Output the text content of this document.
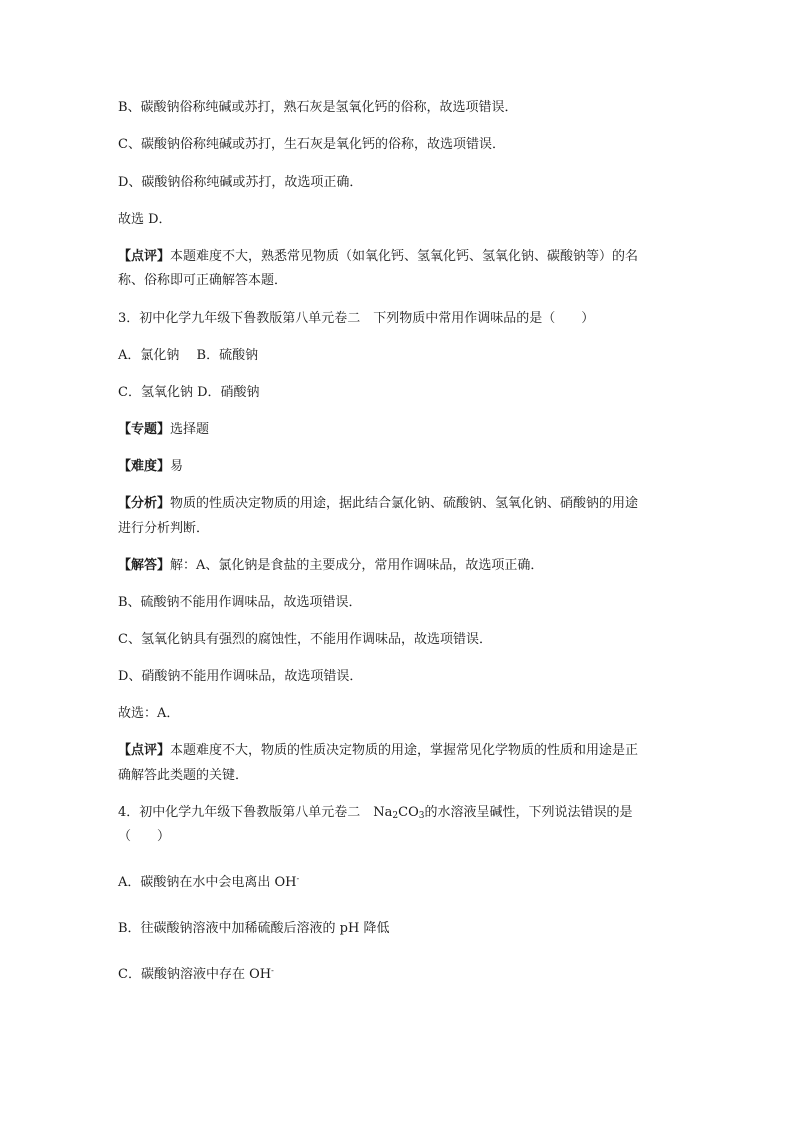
B、碳酸钠俗称纯碱或苏打，熟石灰是氢氧化钙的俗称，故选项错误．
C、碳酸钠俗称纯碱或苏打，生石灰是氧化钙的俗称，故选项错误．
D、碳酸钠俗称纯碱或苏打，故选项正确．
故选 D．
【点评】本题难度不大，熟悉常见物质（如氧化钙、氢氧化钙、氢氧化钠、碳酸钠等）的名
称、俗称即可正确解答本题．
3．初中化学九年级下鲁教版第八单元卷二　下列物质中常用作调味品的是（　　）
A．氯化钠　 B．硫酸钠
C．氢氧化钠 D．硝酸钠
【专题】选择题
【难度】易
【分析】物质的性质决定物质的用途，据此结合氯化钠、硫酸钠、氢氧化钠、硝酸钠的用途
进行分析判断．
【解答】解：A、氯化钠是食盐的主要成分，常用作调味品，故选项正确．
B、硫酸钠不能用作调味品，故选项错误．
C、氢氧化钠具有强烈的腐蚀性，不能用作调味品，故选项错误．
D、硝酸钠不能用作调味品，故选项错误．
故选：A．
【点评】本题难度不大，物质的性质决定物质的用途，掌握常见化学物质的性质和用途是正
确解答此类题的关键．
4．初中化学九年级下鲁教版第八单元卷二　$Na_2CO_3$的水溶液呈碱性，下列说法错误的是
（　　）
A．碳酸钠在水中会电离出 OH-
B．往碳酸钠溶液中加稀硫酸后溶液的 pH 降低
C．碳酸钠溶液中存在 OH-
